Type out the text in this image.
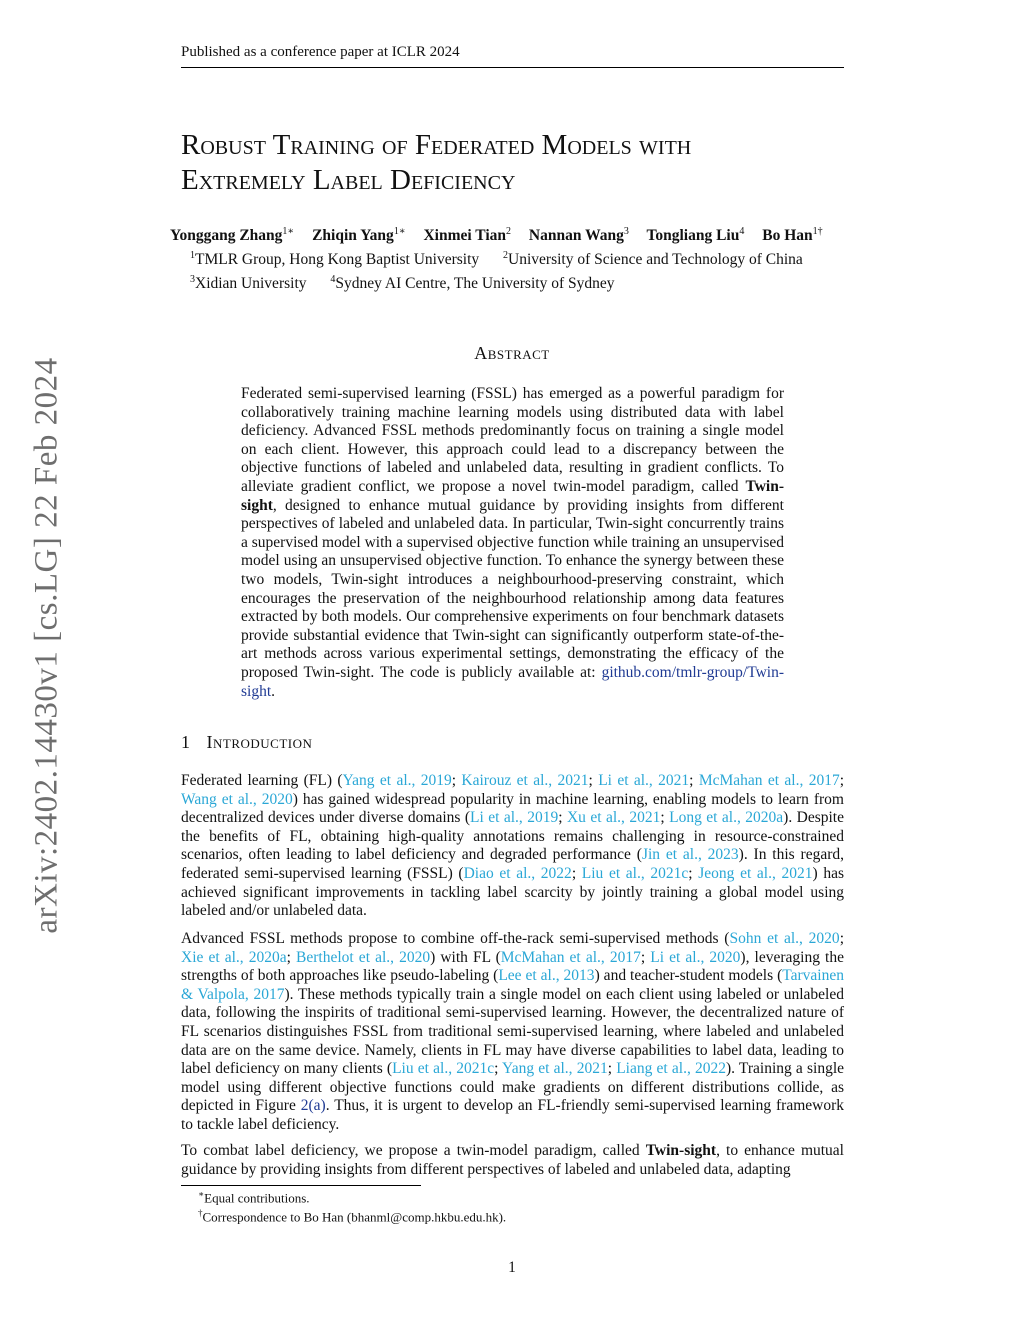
Published as a conference paper at ICLR 2024
arXiv:2402.14430v1 [cs.LG] 22 Feb 2024
Robust Training of Federated Models with
Extremely Label Deficiency
Yonggang Zhang$^{1∗}$ Zhiqin Yang$^{1∗}$ Xinmei Tian$^2$ Nannan Wang$^3$ Tongliang Liu$^4$ Bo Han$^{1\dagger}$
$^1$TMLR Group, Hong Kong Baptist University $^2$University of Science and Technology of China
$^3$Xidian University $^4$Sydney AI Centre, The University of Sydney
Abstract

Federated semi-supervised learning (FSSL) has emerged as a powerful paradigm for collaboratively training machine learning models using distributed data with label deficiency. Advanced FSSL methods predominantly focus on training a single model on each client. However, this approach could lead to a discrepancy between the objective functions of labeled and unlabeled data, resulting in gradient conflicts. To alleviate gradient conflict, we propose a novel twin-model paradigm, called Twin-sight, designed to enhance mutual guidance by providing insights from different perspectives of labeled and unlabeled data. In particular, Twin-sight concurrently trains a supervised model with a supervised objective function while training an unsupervised model using an unsupervised objective function. To enhance the synergy between these two models, Twin-sight introduces a neighbourhood-preserving constraint, which encourages the preservation of the neighbourhood relationship among data features extracted by both models. Our comprehensive experiments on four benchmark datasets provide substantial evidence that Twin-sight can significantly outperform state-of-the-art methods across various experimental settings, demonstrating the efficacy of the proposed Twin-sight. The code is publicly available at: github.com/tmlr-group/Twin-sight.

1 Introduction

Federated learning (FL) (Yang et al., 2019; Kairouz et al., 2021; Li et al., 2021; McMahan et al., 2017; Wang et al., 2020) has gained widespread popularity in machine learning, enabling models to learn from decentralized devices under diverse domains (Li et al., 2019; Xu et al., 2021; Long et al., 2020a). Despite the benefits of FL, obtaining high-quality annotations remains challenging in resource-constrained scenarios, often leading to label deficiency and degraded performance (Jin et al., 2023). In this regard, federated semi-supervised learning (FSSL) (Diao et al., 2022; Liu et al., 2021c; Jeong et al., 2021) has achieved significant improvements in tackling label scarcity by jointly training a global model using labeled and/or unlabeled data.

Advanced FSSL methods propose to combine off-the-rack semi-supervised methods (Sohn et al., 2020; Xie et al., 2020a; Berthelot et al., 2020) with FL (McMahan et al., 2017; Li et al., 2020), leveraging the strengths of both approaches like pseudo-labeling (Lee et al., 2013) and teacher-student models (Tarvainen & Valpola, 2017). These methods typically train a single model on each client using labeled or unlabeled data, following the inspirits of traditional semi-supervised learning. However, the decentralized nature of FL scenarios distinguishes FSSL from traditional semi-supervised learning, where labeled and unlabeled data are on the same device. Namely, clients in FL may have diverse capabilities to label data, leading to label deficiency on many clients (Liu et al., 2021c; Yang et al., 2021; Liang et al., 2022). Training a single model using different objective functions could make gradients on different distributions collide, as depicted in Figure 2(a). Thus, it is urgent to develop an FL-friendly semi-supervised learning framework to tackle label deficiency.

To combat label deficiency, we propose a twin-model paradigm, called Twin-sight, to enhance mutual guidance by providing insights from different perspectives of labeled and unlabeled data, adapting

∗Equal contributions.
†Correspondence to Bo Han (bhanml@comp.hkbu.edu.hk).
1
